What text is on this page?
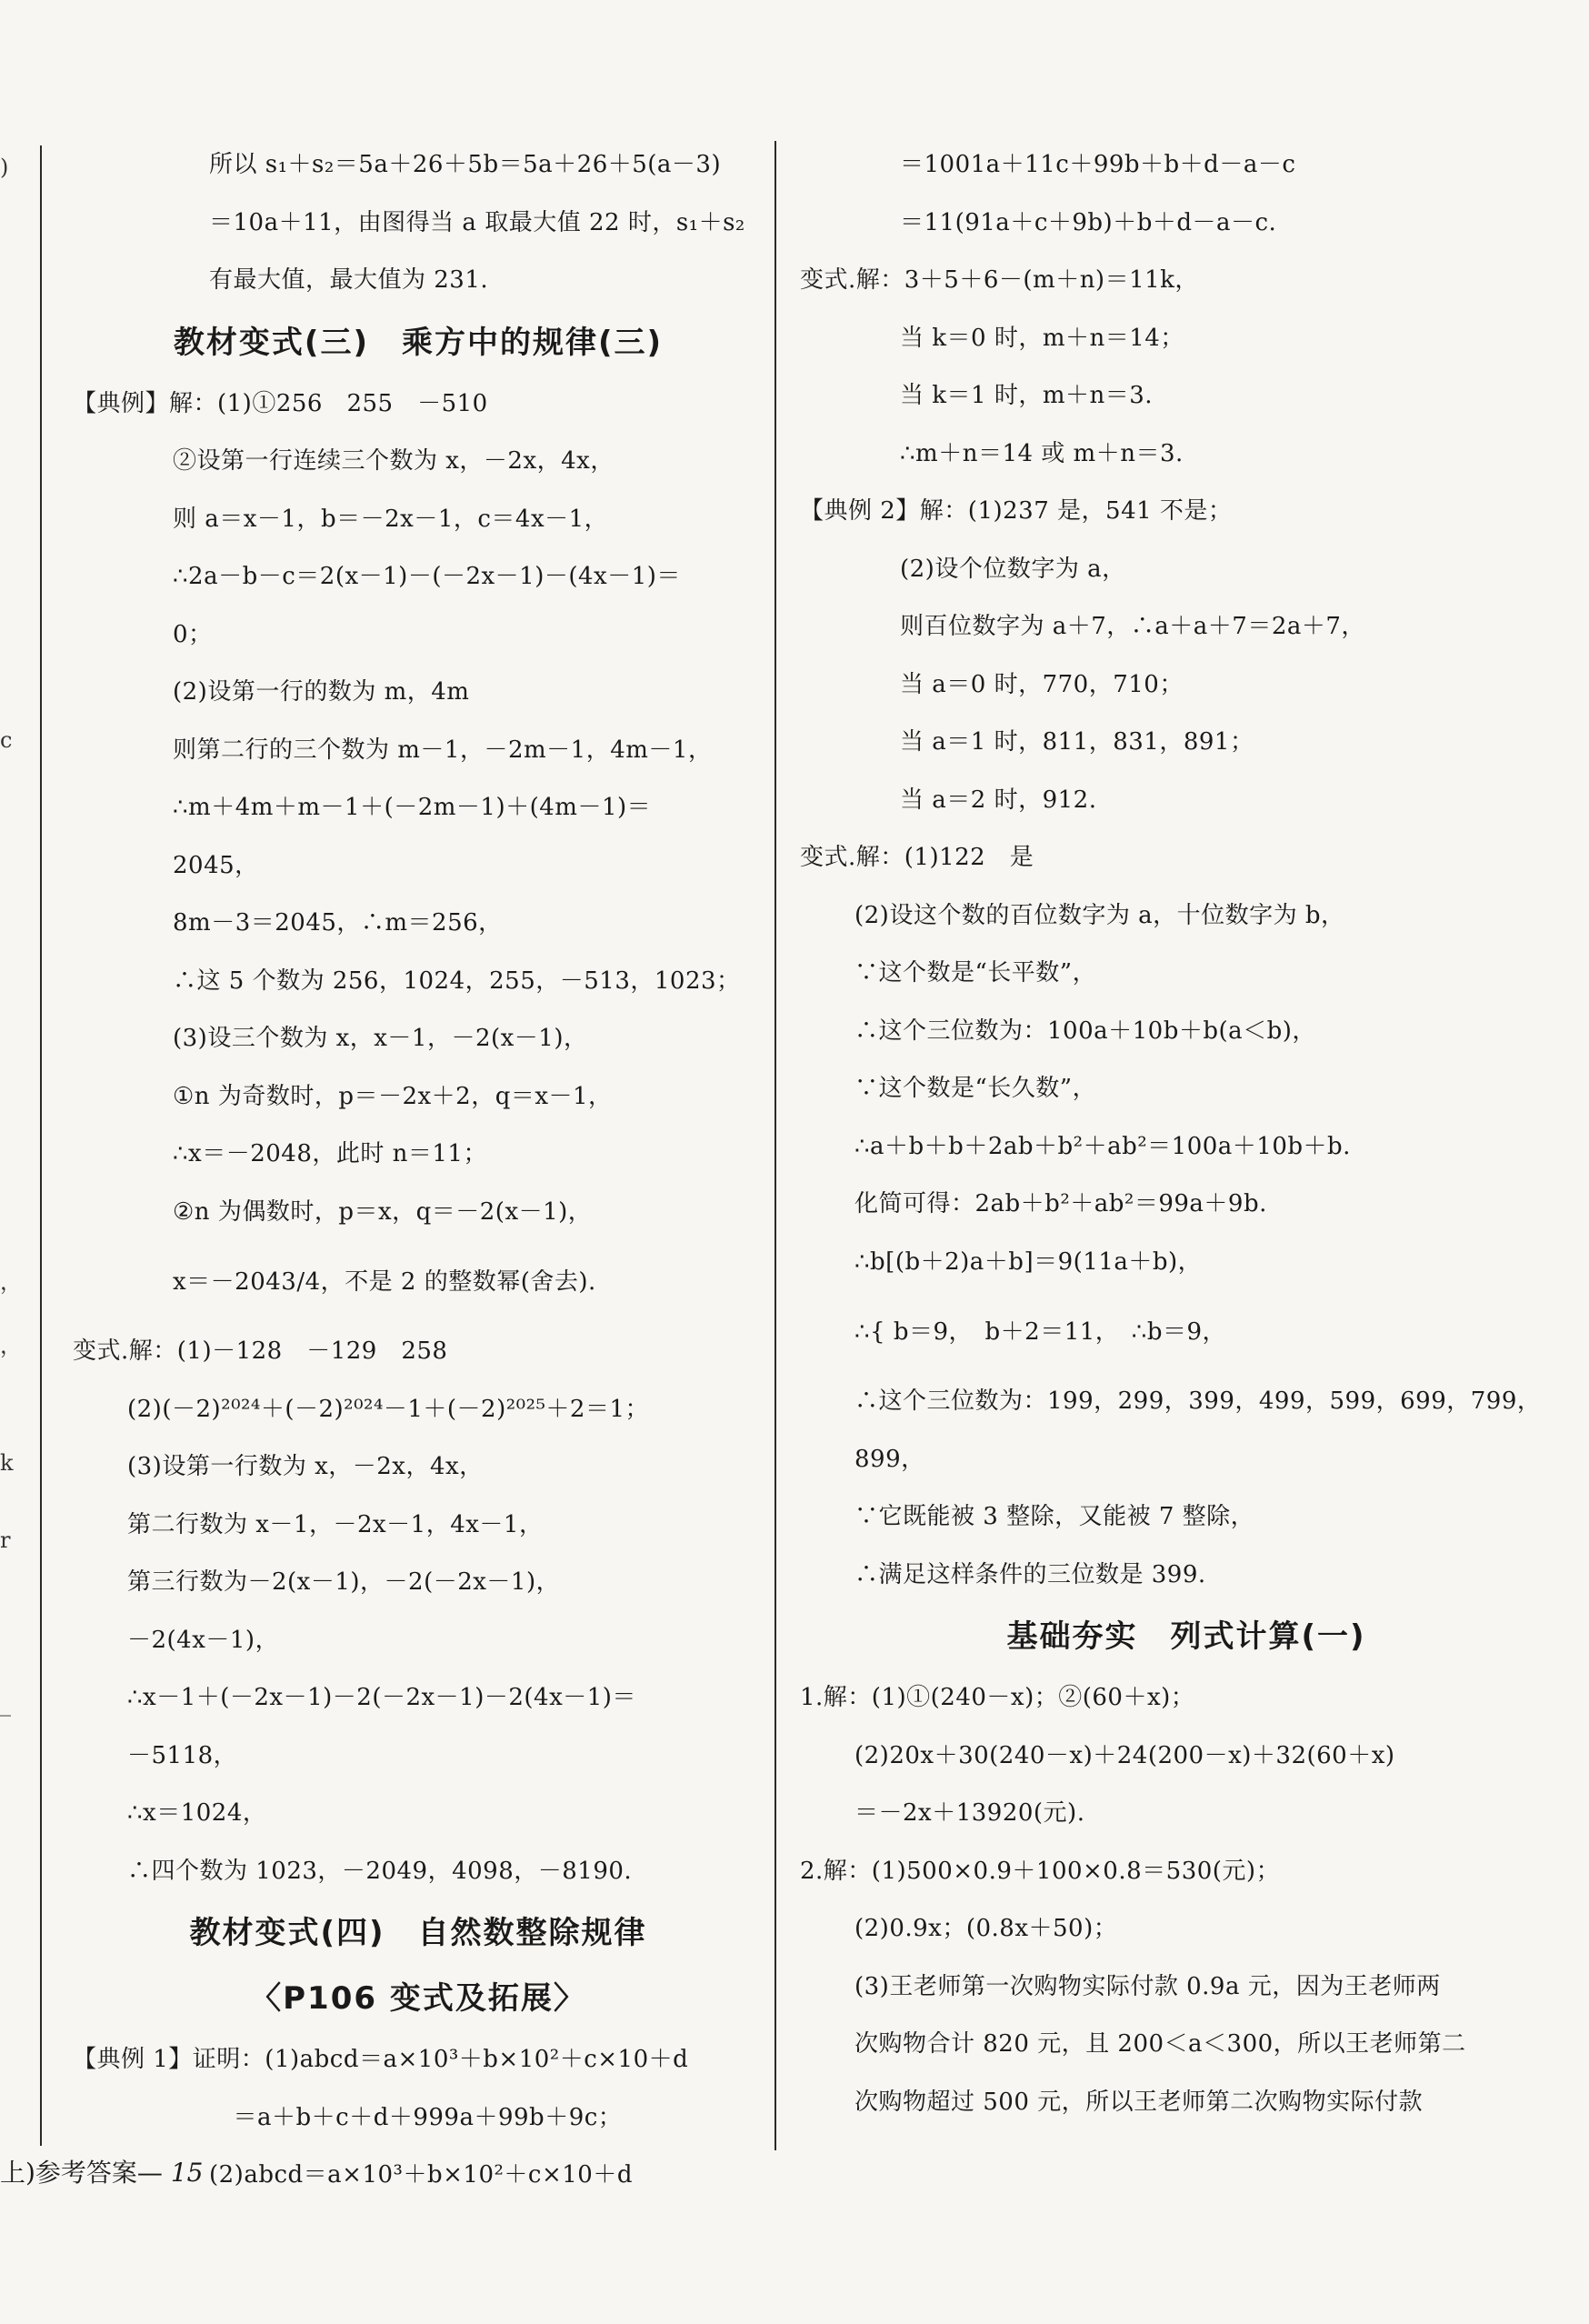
)
c
，
，
k
r
_
所以 s₁＋s₂＝5a＋26＋5b＝5a＋26＋5(a－3)
＝10a＋11，由图得当 a 取最大值 22 时，s₁＋s₂
有最大值，最大值为 231.
教材变式(三)　乘方中的规律(三)
【典例】解：(1)①256　255　－510
②设第一行连续三个数为 x，－2x，4x，
则 a＝x－1，b＝－2x－1，c＝4x－1，
∴2a－b－c＝2(x－1)－(－2x－1)－(4x－1)＝
0；
(2)设第一行的数为 m，4m
则第二行的三个数为 m－1，－2m－1，4m－1，
∴m＋4m＋m－1＋(－2m－1)＋(4m－1)＝
2045，
8m－3＝2045，∴m＝256，
∴这 5 个数为 256，1024，255，－513，1023；
(3)设三个数为 x，x－1，－2(x－1)，
①n 为奇数时，p＝－2x＋2，q＝x－1，
∴x＝－2048，此时 n＝11；
②n 为偶数时，p＝x，q＝－2(x－1)，
x＝－2043/4，不是 2 的整数幂(舍去).
变式.解：(1)－128　－129　258
(2)(－2)²⁰²⁴＋(－2)²⁰²⁴－1＋(－2)²⁰²⁵＋2＝1；
(3)设第一行数为 x，－2x，4x，
第二行数为 x－1，－2x－1，4x－1，
第三行数为－2(x－1)，－2(－2x－1)，
－2(4x－1)，
∴x－1＋(－2x－1)－2(－2x－1)－2(4x－1)＝
－5118，
∴x＝1024，
∴四个数为 1023，－2049，4098，－8190.
教材变式(四)　自然数整除规律
〈P106 变式及拓展〉
【典例 1】证明：(1)abcd＝a×10³＋b×10²＋c×10＋d
　＝a＋b＋c＋d＋999a＋99b＋9c；
(2)abcd＝a×10³＋b×10²＋c×10＋d
＝1001a＋11c＋99b＋b＋d－a－c
＝11(91a＋c＋9b)＋b＋d－a－c.
变式.解：3＋5＋6－(m＋n)＝11k，
当 k＝0 时，m＋n＝14；
当 k＝1 时，m＋n＝3.
∴m＋n＝14 或 m＋n＝3.
【典例 2】解：(1)237 是，541 不是；
(2)设个位数字为 a，
则百位数字为 a＋7，∴a＋a＋7＝2a＋7，
当 a＝0 时，770，710；
当 a＝1 时，811，831，891；
当 a＝2 时，912.
变式.解：(1)122　是
(2)设这个数的百位数字为 a，十位数字为 b，
∵这个数是“长平数”，
∴这个三位数为：100a＋10b＋b(a＜b)，
∵这个数是“长久数”，
∴a＋b＋b＋2ab＋b²＋ab²＝100a＋10b＋b.
化简可得：2ab＋b²＋ab²＝99a＋9b.
∴b[(b＋2)a＋b]＝9(11a＋b)，
∴{ b＝9，　b＋2＝11，　∴b＝9，
∴这个三位数为：199，299，399，499，599，699，799，
899，
∵它既能被 3 整除，又能被 7 整除，
∴满足这样条件的三位数是 399.
基础夯实　列式计算(一)
1.解：(1)①(240－x)；②(60＋x)；
(2)20x＋30(240－x)＋24(200－x)＋32(60＋x)
＝－2x＋13920(元).
2.解：(1)500×0.9＋100×0.8＝530(元)；
(2)0.9x；(0.8x＋50)；
(3)王老师第一次购物实际付款 0.9a 元，因为王老师两
次购物合计 820 元，且 200＜a＜300，所以王老师第二
次购物超过 500 元，所以王老师第二次购物实际付款
上)参考答案— 15
